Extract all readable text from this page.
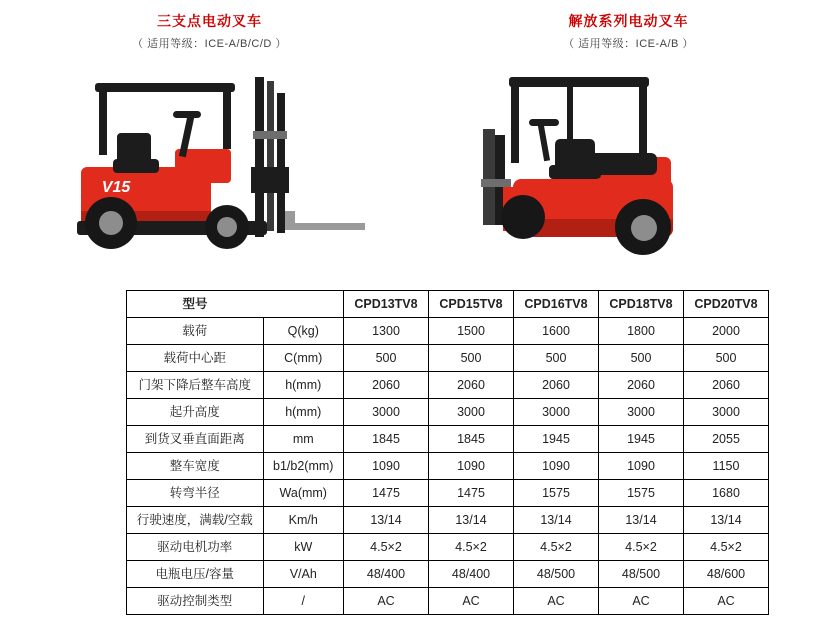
三支点电动叉车
（ 适用等级：ICE-A/B/C/D ）
解放系列电动叉车
（ 适用等级：ICE-A/B ）
V15
型号		CPD13TV8	CPD15TV8	CPD16TV8	CPD18TV8	CPD20TV8
载荷	Q(kg)	1300	1500	1600	1800	2000
载荷中心距	C(mm)	500	500	500	500	500
门架下降后整车高度	h(mm)	2060	2060	2060	2060	2060
起升高度	h(mm)	3000	3000	3000	3000	3000
到货叉垂直面距离	mm	1845	1845	1945	1945	2055
整车宽度	b1/b2(mm)	1090	1090	1090	1090	1150
转弯半径	Wa(mm)	1475	1475	1575	1575	1680
行驶速度，满载/空载	Km/h	13/14	13/14	13/14	13/14	13/14
驱动电机功率	kW	4.5×2	4.5×2	4.5×2	4.5×2	4.5×2
电瓶电压/容量	V/Ah	48/400	48/400	48/500	48/500	48/600
驱动控制类型	/	AC	AC	AC	AC	AC
